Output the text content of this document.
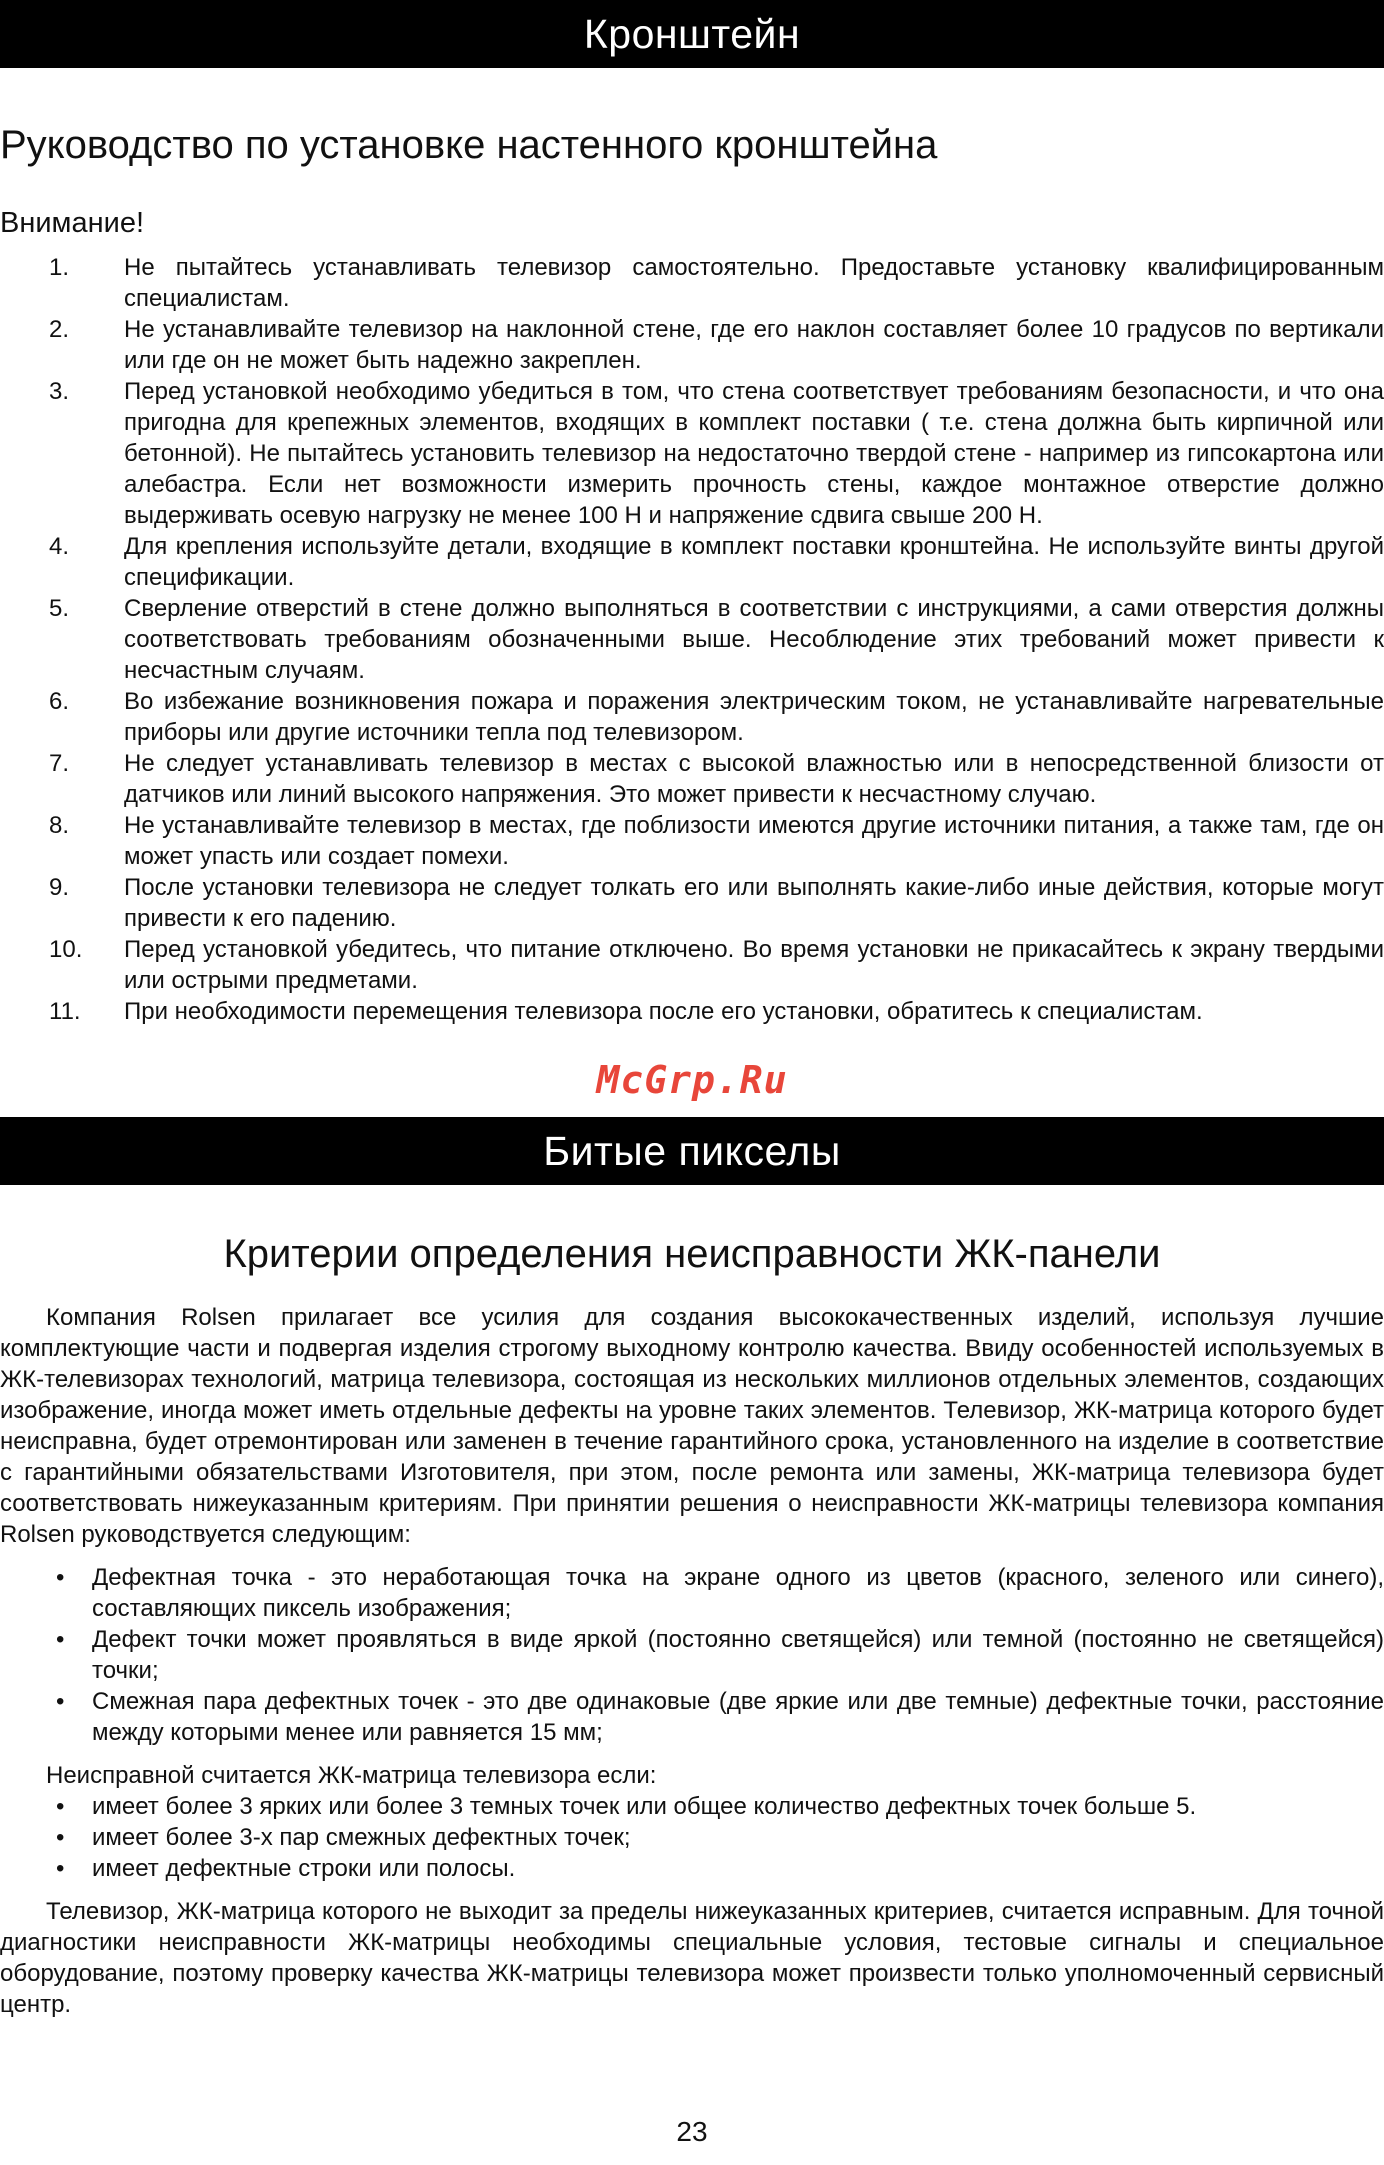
Кронштейн
Руководство по установке настенного кронштейна
Внимание!
1. Не пытайтесь устанавливать телевизор самостоятельно. Предоставьте установку квалифицированным специалистам.
2. Не устанавливайте телевизор на наклонной стене, где его наклон составляет более 10 градусов по вертикали или где он не может быть надежно закреплен.
3. Перед установкой необходимо убедиться в том, что стена соответствует требованиям безопасности, и что она пригодна для крепежных элементов, входящих в комплект поставки ( т.е. стена должна быть кирпичной или бетонной). Не пытайтесь установить телевизор на недостаточно твердой стене - например из гипсокартона или алебастра. Если нет возможности измерить прочность стены, каждое монтажное отверстие должно выдерживать осевую нагрузку не менее 100 Н и напряжение сдвига свыше 200 Н.
4. Для крепления используйте детали, входящие в комплект поставки кронштейна. Не используйте винты другой спецификации.
5. Сверление отверстий в стене должно выполняться в соответствии с инструкциями, а сами отверстия должны соответствовать требованиям обозначенными выше. Несоблюдение этих требований может привести к несчастным случаям.
6. Во избежание возникновения пожара и поражения электрическим током, не устанавливайте нагревательные приборы или другие источники тепла под телевизором.
7. Не следует устанавливать телевизор в местах с высокой влажностью или в непосредственной близости от датчиков или линий высокого напряжения. Это может привести к несчастному случаю.
8. Не устанавливайте телевизор в местах, где поблизости имеются другие источники питания, а также там, где он может упасть или создает помехи.
9. После установки телевизора не следует толкать его или выполнять какие-либо иные действия, которые могут привести к его падению.
10. Перед установкой убедитесь, что питание отключено. Во время установки не прикасайтесь к экрану твердыми или острыми предметами.
11. При необходимости перемещения телевизора после его установки, обратитесь к специалистам.
McGrp.Ru
Битые пикселы
Критерии определения неисправности ЖК-панели

Компания Rolsen прилагает все усилия для создания высококачественных изделий, используя лучшие комплектующие части и подвергая изделия строгому выходному контролю качества. Ввиду особенностей используемых в ЖК-телевизорах технологий, матрица телевизора, состоящая из нескольких миллионов отдельных элементов, создающих изображение, иногда может иметь отдельные дефекты на уровне таких элементов. Телевизор, ЖК-матрица которого будет неисправна, будет отремонтирован или заменен в течение гарантийного срока, установленного на изделие в соответствие с гарантийными обязательствами Изготовителя, при этом, после ремонта или замены, ЖК-матрица телевизора будет соответствовать нижеуказанным критериям. При принятии решения о неисправности ЖК-матрицы телевизора компания Rolsen руководствуется следующим:

• Дефектная точка - это неработающая точка на экране одного из цветов (красного, зеленого или синего), составляющих пиксель изображения;
• Дефект точки может проявляться в виде яркой (постоянно светящейся) или темной (постоянно не светящейся) точки;
• Смежная пара дефектных точек - это две одинаковые (две яркие или две темные) дефектные точки, расстояние между которыми менее или равняется 15 мм;

Неисправной считается ЖК-матрица телевизора если:

• имеет более 3 ярких или более 3 темных точек или общее количество дефектных точек больше 5.
• имеет более 3-х пар смежных дефектных точек;
• имеет дефектные строки или полосы.

Телевизор, ЖК-матрица которого не выходит за пределы нижеуказанных критериев, считается исправным. Для точной диагностики неисправности ЖК-матрицы необходимы специальные условия, тестовые сигналы и специальное оборудование, поэтому проверку качества ЖК-матрицы телевизора может произвести только уполномоченный сервисный центр.

23
